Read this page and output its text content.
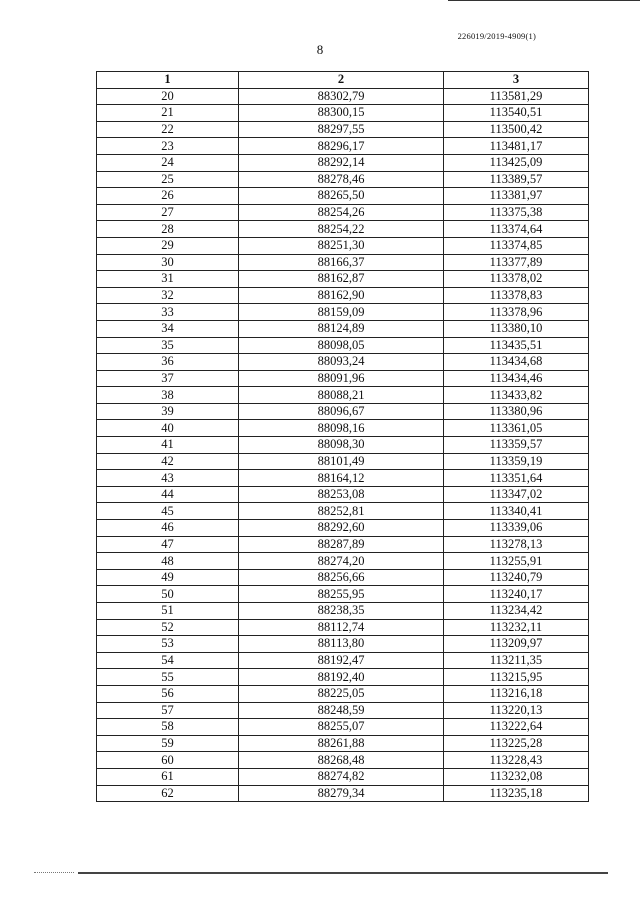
226019/2019-4909(1)
8
1	2	3
20	88302,79	113581,29
21	88300,15	113540,51
22	88297,55	113500,42
23	88296,17	113481,17
24	88292,14	113425,09
25	88278,46	113389,57
26	88265,50	113381,97
27	88254,26	113375,38
28	88254,22	113374,64
29	88251,30	113374,85
30	88166,37	113377,89
31	88162,87	113378,02
32	88162,90	113378,83
33	88159,09	113378,96
34	88124,89	113380,10
35	88098,05	113435,51
36	88093,24	113434,68
37	88091,96	113434,46
38	88088,21	113433,82
39	88096,67	113380,96
40	88098,16	113361,05
41	88098,30	113359,57
42	88101,49	113359,19
43	88164,12	113351,64
44	88253,08	113347,02
45	88252,81	113340,41
46	88292,60	113339,06
47	88287,89	113278,13
48	88274,20	113255,91
49	88256,66	113240,79
50	88255,95	113240,17
51	88238,35	113234,42
52	88112,74	113232,11
53	88113,80	113209,97
54	88192,47	113211,35
55	88192,40	113215,95
56	88225,05	113216,18
57	88248,59	113220,13
58	88255,07	113222,64
59	88261,88	113225,28
60	88268,48	113228,43
61	88274,82	113232,08
62	88279,34	113235,18
